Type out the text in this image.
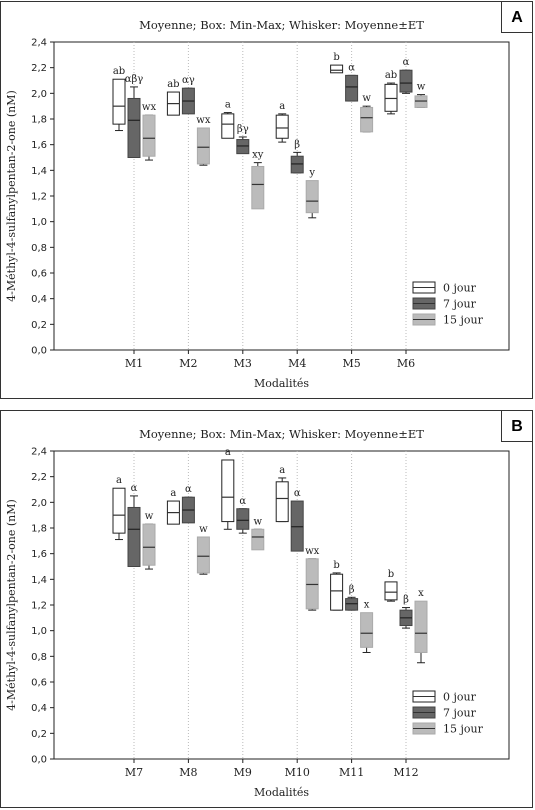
Moyenne; Box: Min-Max; Whisker: Moyenne±ET
0,0
0,2
0,4
0,6
0,8
1,0
1,2
1,4
1,6
1,8
2,0
2,2
2,4
4-Méthyl-4-sulfanylpentan-2-one (nM)
M1	M2	M3	M4	M5	M6
Modalités
ab
ab
a	a
b
ab
αβγ	αγ
βγ
β
α	α
wx
wx
xy
y
w
w
0 jour
7 jour
15 jour
A
Moyenne; Box: Min-Max; Whisker: Moyenne±ET
0,0
0,2
0,4
0,6
0,8
1,0
1,2
1,4
1,6
1,8
2,0
2,2
2,4
4-Méthyl-4-sulfanylpentan-2-one (nM)
M7	M8	M9	M10	M11	M12
Modalités
a
a
a
a
b
b
α	α
α
α
β
β
w
w
w
wx
x
x
0 jour
7 jour
15 jour
B
